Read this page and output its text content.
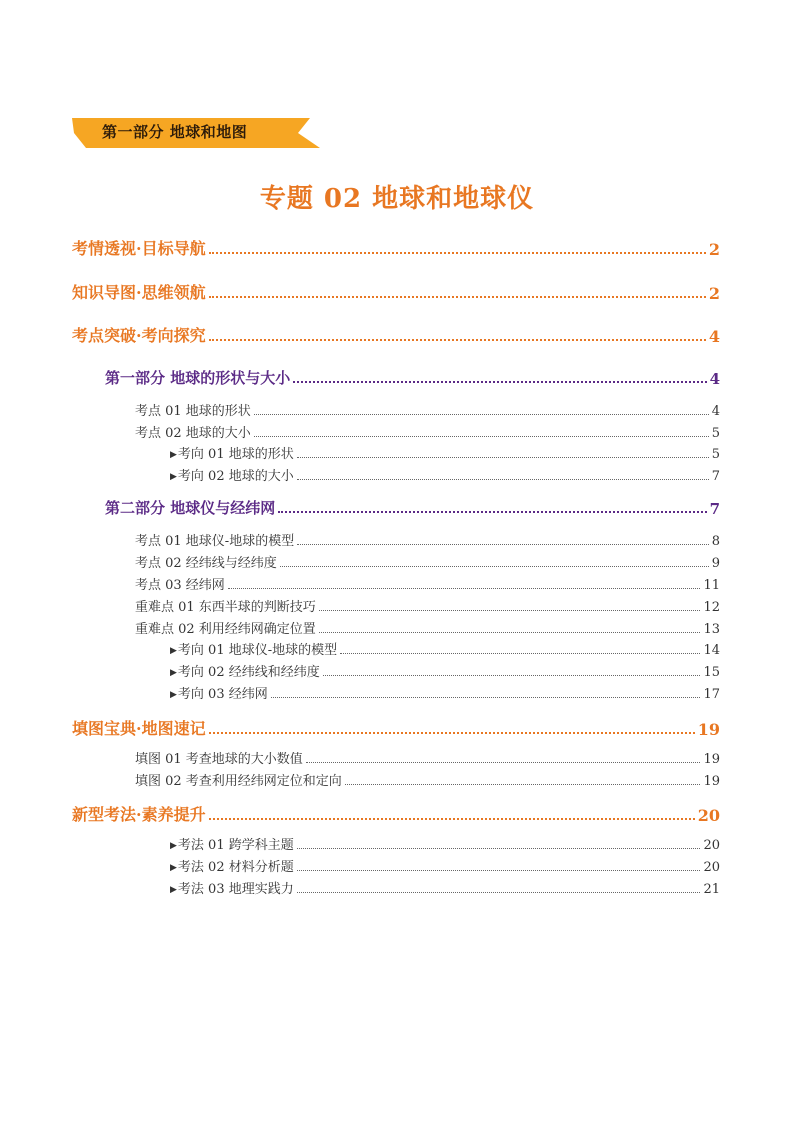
第一部分 地球和地图
专题 02 地球和地球仪
考情透视·目标导航	2
知识导图·思维领航	2
考点突破·考向探究	4
第一部分 地球的形状与大小	4
考点 01 地球的形状	4
考点 02 地球的大小	5
▶考向 01 地球的形状	5
▶考向 02 地球的大小	7
第二部分 地球仪与经纬网	7
考点 01 地球仪-地球的模型	8
考点 02 经纬线与经纬度	9
考点 03 经纬网	11
重难点 01 东西半球的判断技巧	12
重难点 02 利用经纬网确定位置	13
▶考向 01 地球仪-地球的模型	14
▶考向 02 经纬线和经纬度	15
▶考向 03 经纬网	17
填图宝典·地图速记	19
填图 01 考查地球的大小数值	19
填图 02 考查利用经纬网定位和定向	19
新型考法·素养提升	20
▶考法 01 跨学科主题	20
▶考法 02 材料分析题	20
▶考法 03 地理实践力	21
